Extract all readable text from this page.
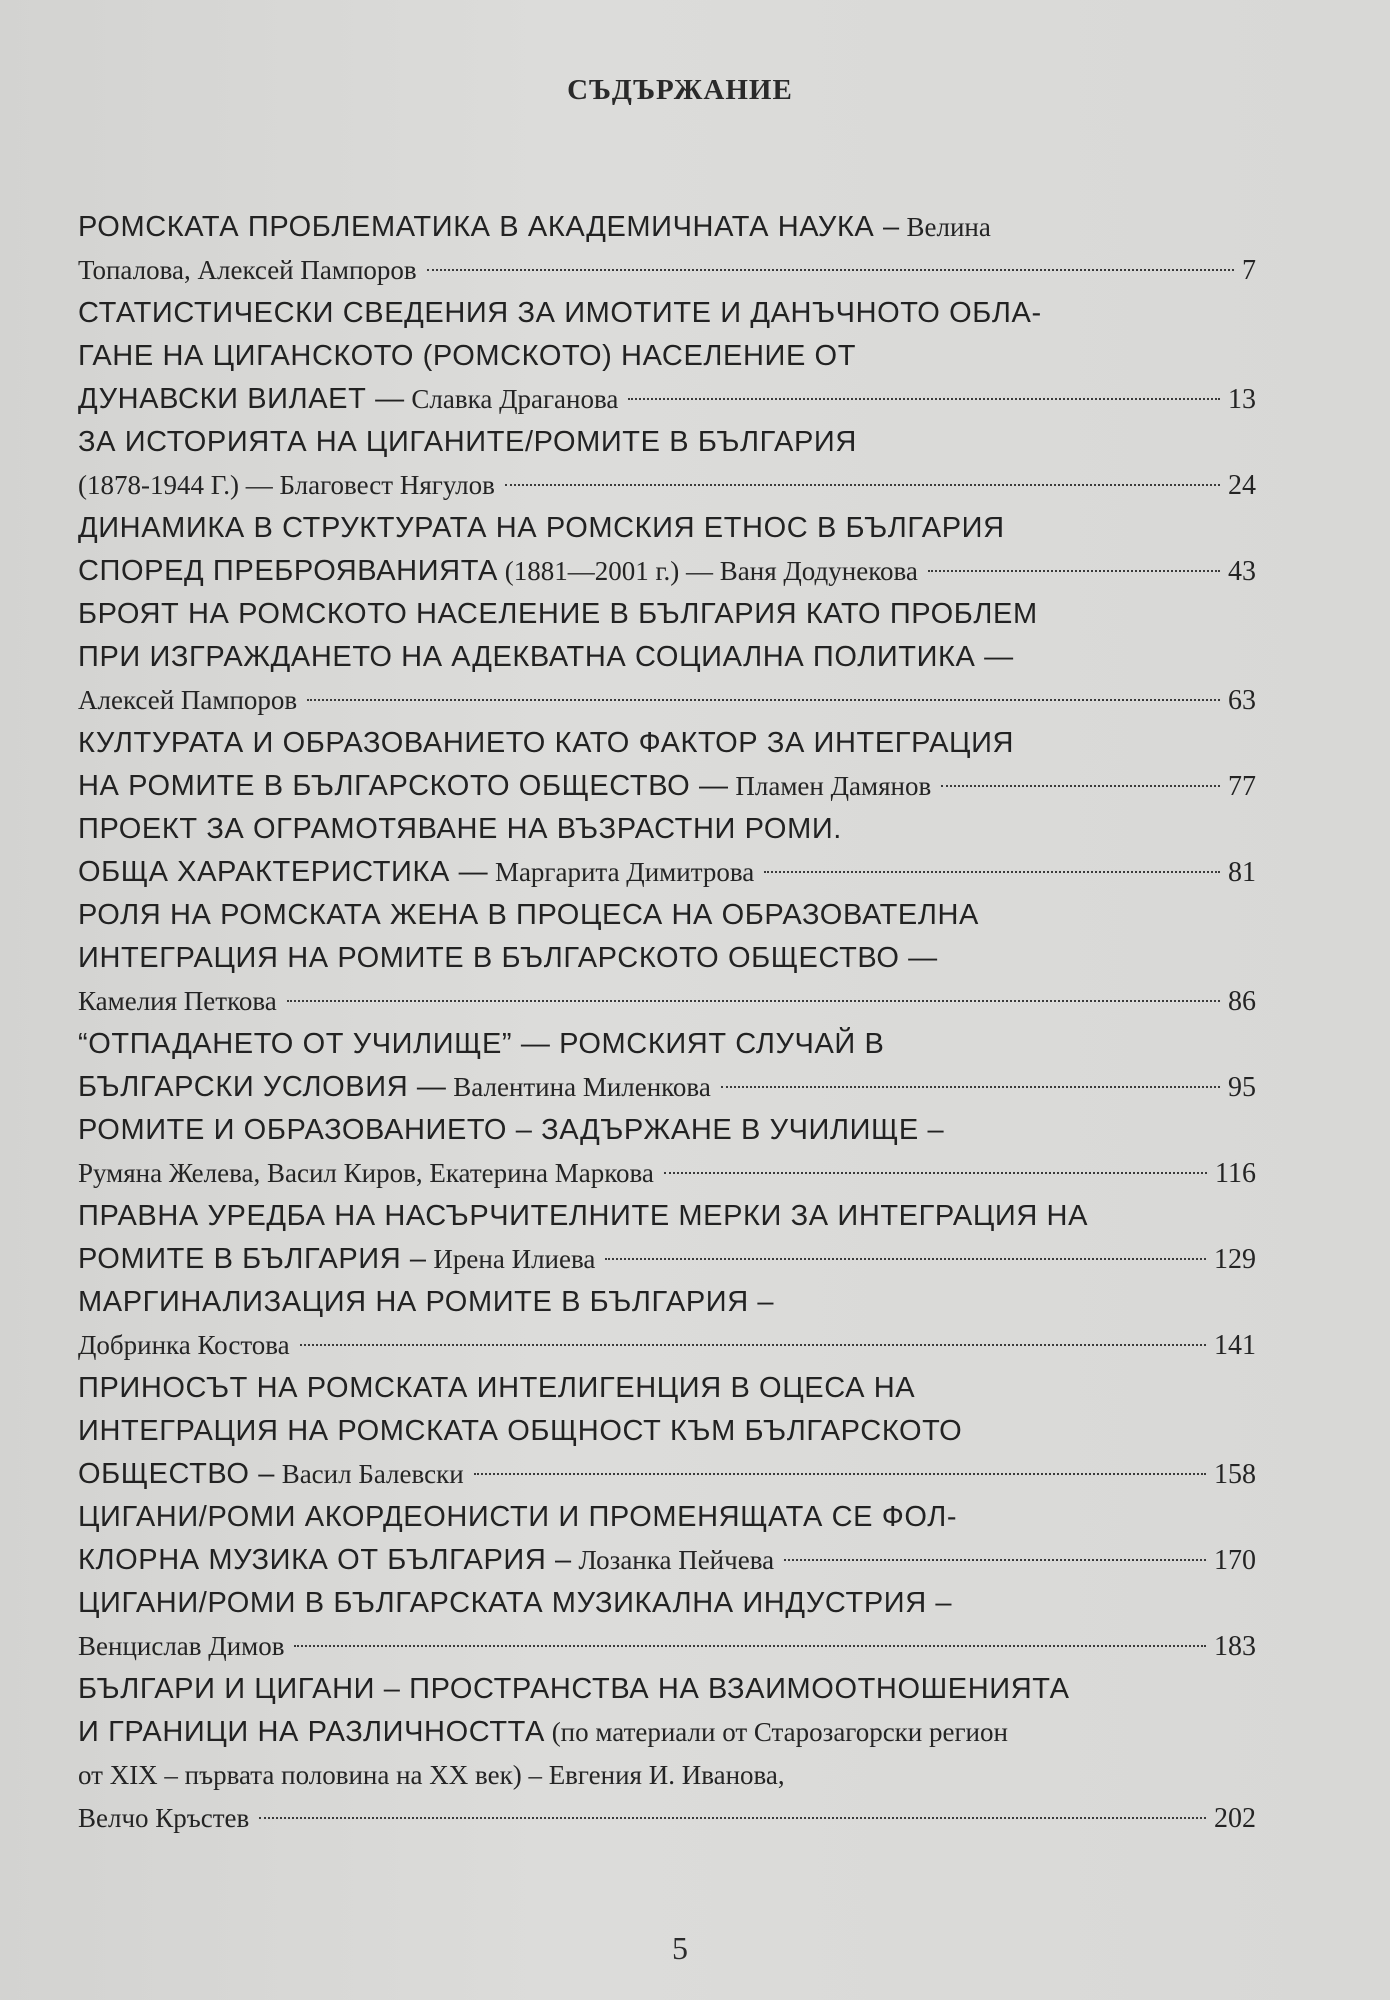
СЪДЪРЖАНИЕ
РОМСКАТА ПРОБЛЕМАТИКА В АКАДЕМИЧНАТА НАУКА – Велина
Топалова, Алексей Пампоров	7
СТАТИСТИЧЕСКИ СВЕДЕНИЯ ЗА ИМОТИТЕ И ДАНЪЧНОТО ОБЛА-
ГАНЕ НА ЦИГАНСКОТО (РОМСКОТО) НАСЕЛЕНИЕ ОТ
ДУНАВСКИ ВИЛАЕТ — Славка Драганова	13
ЗА ИСТОРИЯТА НА ЦИГАНИТЕ/РОМИТЕ В БЪЛГАРИЯ
(1878-1944 Г.) — Благовест Нягулов	24
ДИНАМИКА В СТРУКТУРАТА НА РОМСКИЯ ЕТНОС В БЪЛГАРИЯ
СПОРЕД ПРЕБРОЯВАНИЯТА (1881—2001 г.) — Ваня Додунекова	43
БРОЯТ НА РОМСКОТО НАСЕЛЕНИЕ В БЪЛГАРИЯ КАТО ПРОБЛЕМ
ПРИ ИЗГРАЖДАНЕТО НА АДЕКВАТНА СОЦИАЛНА ПОЛИТИКА —
Алексей Пампоров	63
КУЛТУРАТА И ОБРАЗОВАНИЕТО КАТО ФАКТОР ЗА ИНТЕГРАЦИЯ
НА РОМИТЕ В БЪЛГАРСКОТО ОБЩЕСТВО — Пламен Дамянов	77
ПРОЕКТ ЗА ОГРАМОТЯВАНЕ НА ВЪЗРАСТНИ РОМИ.
ОБЩА ХАРАКТЕРИСТИКА — Маргарита Димитрова	81
РОЛЯ НА РОМСКАТА ЖЕНА В ПРОЦЕСА НА ОБРАЗОВАТЕЛНА
ИНТЕГРАЦИЯ НА РОМИТЕ В БЪЛГАРСКОТО ОБЩЕСТВО —
Камелия Петкова	86
“ОТПАДАНЕТО ОТ УЧИЛИЩЕ” — РОМСКИЯТ СЛУЧАЙ В
БЪЛГАРСКИ УСЛОВИЯ — Валентина Миленкова	95
РОМИТЕ И ОБРАЗОВАНИЕТО – ЗАДЪРЖАНЕ В УЧИЛИЩЕ –
Румяна Желева, Васил Киров, Екатерина Маркова	116
ПРАВНА УРЕДБА НА НАСЪРЧИТЕЛНИТЕ МЕРКИ ЗА ИНТЕГРАЦИЯ НА
РОМИТЕ В БЪЛГАРИЯ – Ирена Илиева	129
МАРГИНАЛИЗАЦИЯ НА РОМИТЕ В БЪЛГАРИЯ –
Добринка Костова	141
ПРИНОСЪТ НА РОМСКАТА ИНТЕЛИГЕНЦИЯ В ОЦЕСА НА
ИНТЕГРАЦИЯ НА РОМСКАТА ОБЩНОСТ КЪМ БЪЛГАРСКОТО
ОБЩЕСТВО – Васил Балевски	158
ЦИГАНИ/РОМИ АКОРДЕОНИСТИ И ПРОМЕНЯЩАТА СЕ ФОЛ-
КЛОРНА МУЗИКА ОТ БЪЛГАРИЯ – Лозанка Пейчева	170
ЦИГАНИ/РОМИ В БЪЛГАРСКАТА МУЗИКАЛНА ИНДУСТРИЯ –
Венцислав Димов	183
БЪЛГАРИ И ЦИГАНИ – ПРОСТРАНСТВА НА ВЗАИМООТНОШЕНИЯТА
И ГРАНИЦИ НА РАЗЛИЧНОСТТА (по материали от Старозагорски регион
от XIX – първата половина на XX век) – Евгения И. Иванова,
Велчо Кръстев	202
5
